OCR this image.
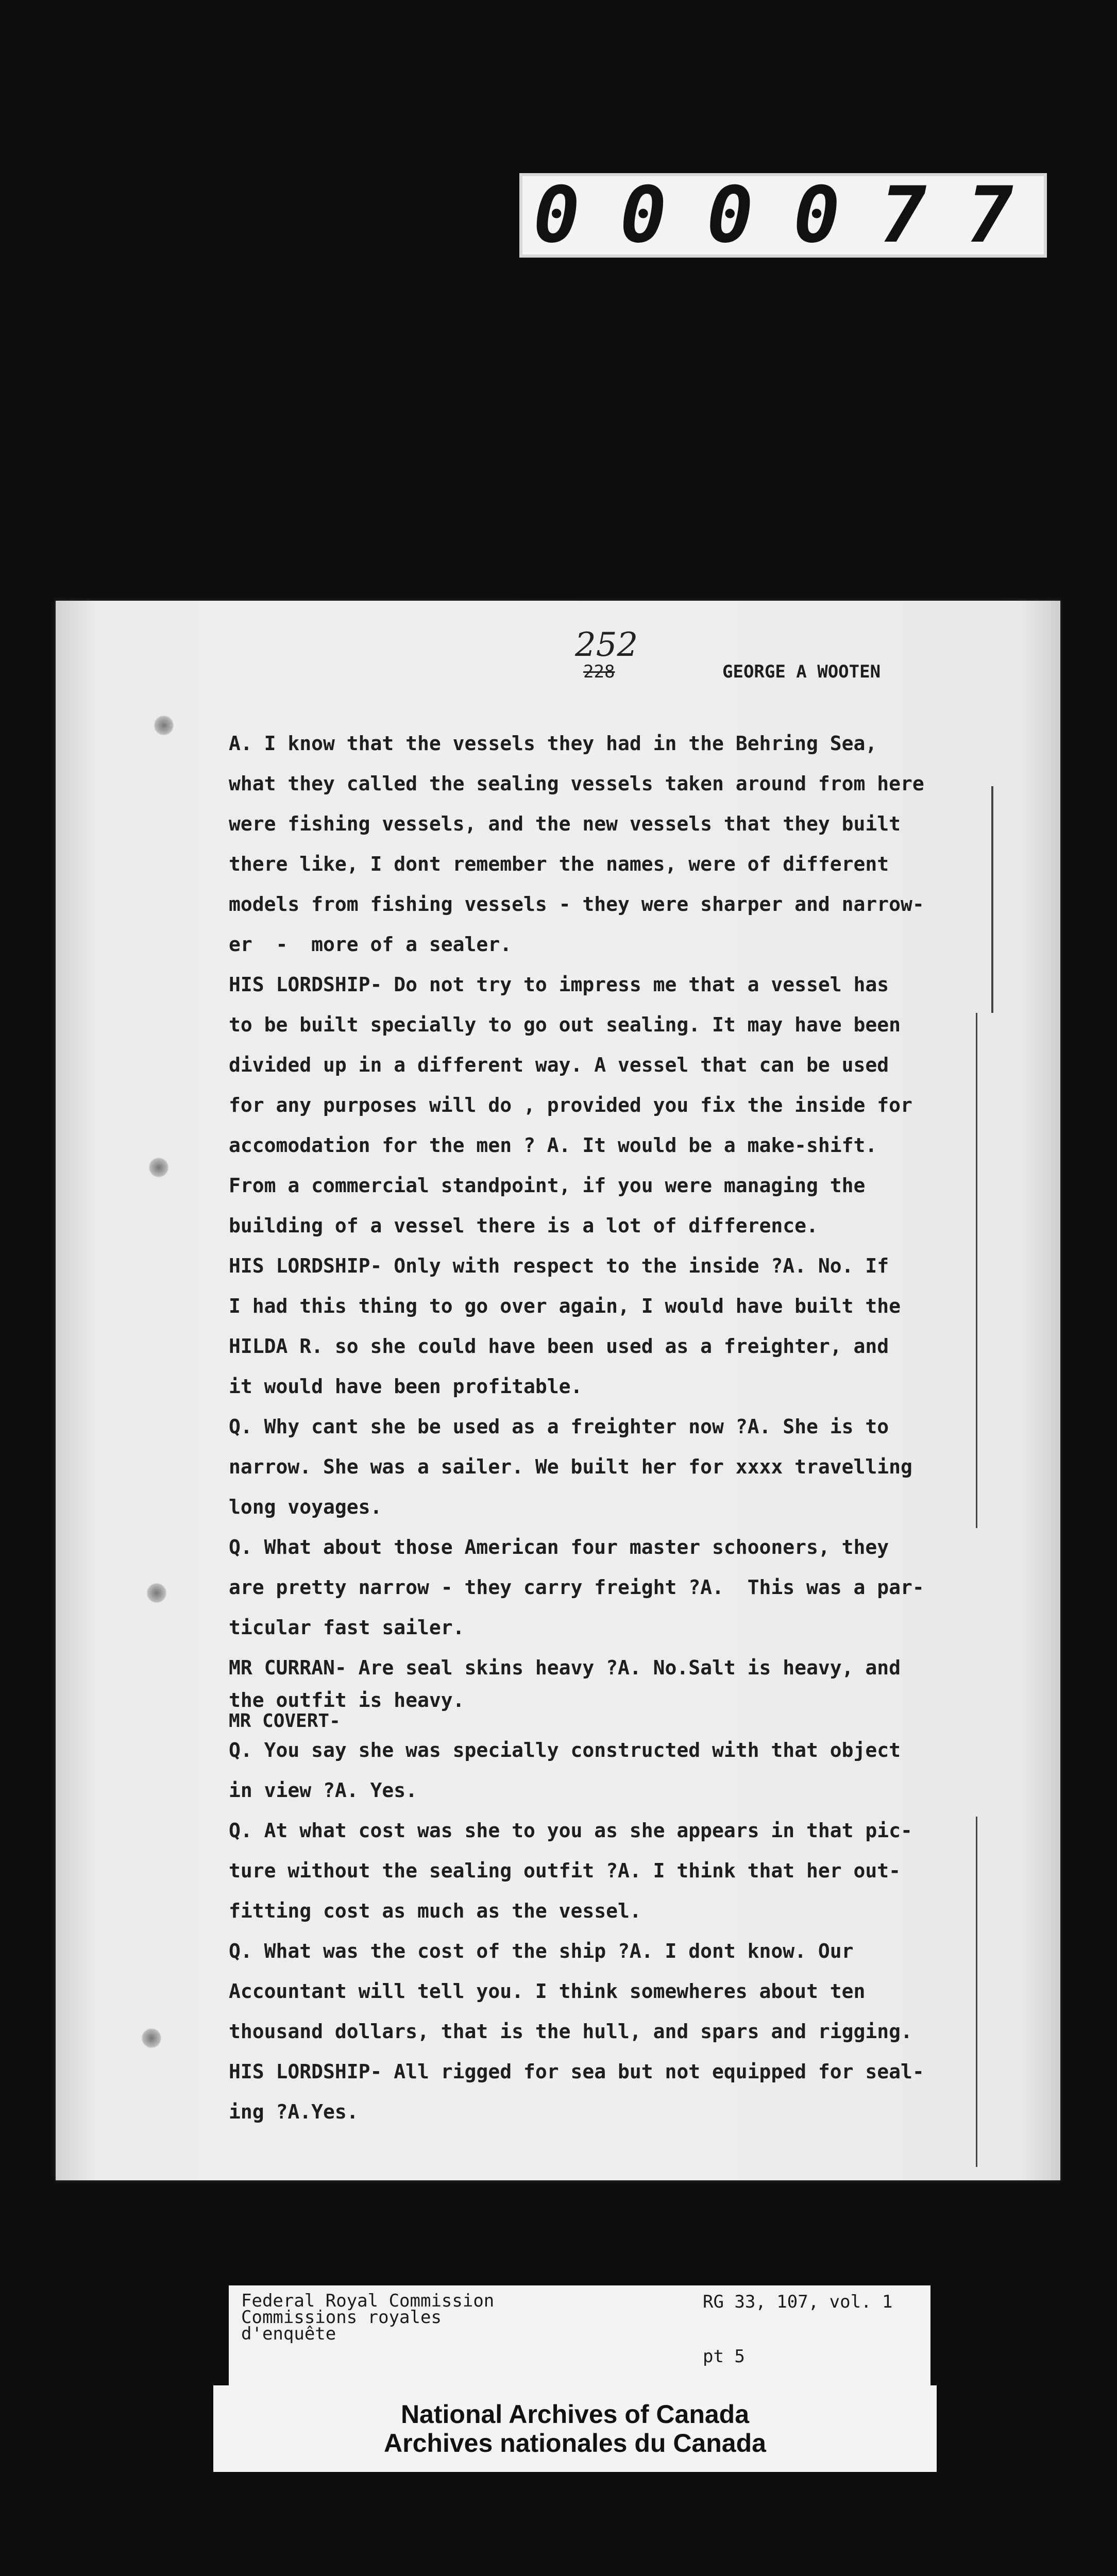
000077
252
228	GEORGE A WOOTEN
A. I know that the vessels they had in the Behring Sea,
what they called the sealing vessels taken around from here
were fishing vessels, and the new vessels that they built
there like, I dont remember the names, were of different
models from fishing vessels - they were sharper and narrow-
er  -  more of a sealer.
HIS LORDSHIP- Do not try to impress me that a vessel has
to be built specially to go out sealing. It may have been
divided up in a different way. A vessel that can be used
for any purposes will do , provided you fix the inside for
accomodation for the men ? A. It would be a make-shift.
From a commercial standpoint, if you were managing the
building of a vessel there is a lot of difference.
HIS LORDSHIP- Only with respect to the inside ?A. No. If
I had this thing to go over again, I would have built the
HILDA R. so she could have been used as a freighter, and
it would have been profitable.
Q. Why cant she be used as a freighter now ?A. She is to
narrow. She was a sailer. We built her for xxxx travelling
long voyages.
Q. What about those American four master schooners, they
are pretty narrow - they carry freight ?A.  This was a par-
ticular fast sailer.
MR CURRAN- Are seal skins heavy ?A. No.Salt is heavy, and
the outfit is heavy.
MR COVERT-
Q. You say she was specially constructed with that object
in view ?A. Yes.
Q. At what cost was she to you as she appears in that pic-
ture without the sealing outfit ?A. I think that her out-
fitting cost as much as the vessel.
Q. What was the cost of the ship ?A. I dont know. Our
Accountant will tell you. I think somewheres about ten
thousand dollars, that is the hull, and spars and rigging.
HIS LORDSHIP- All rigged for sea but not equipped for seal-
ing ?A.Yes.
Federal Royal Commission
Commissions royales
d'enquête
RG 33, 107, vol. 1
pt 5
National Archives of Canada
Archives nationales du Canada
